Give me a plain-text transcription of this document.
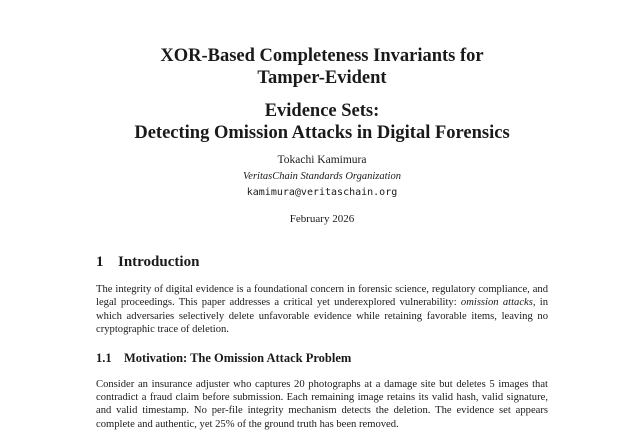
XOR-Based Completeness Invariants for
Tamper-Evident
Evidence Sets:
Detecting Omission Attacks in Digital Forensics
Tokachi Kamimura
VeritasChain Standards Organization
kamimura@veritaschain.org
February 2026
1 Introduction
The integrity of digital evidence is a foundational concern in forensic science, regulatory compliance, and legal proceedings. This paper addresses a critical yet underexplored vulnerability: omission attacks, in which adversaries selectively delete unfavorable evidence while retaining favorable items, leaving no cryptographic trace of deletion.
1.1 Motivation: The Omission Attack Problem
Consider an insurance adjuster who captures 20 photographs at a damage site but deletes 5 images that contradict a fraud claim before submission. Each remaining image retains its valid hash, valid signature, and valid timestamp. No per-file integrity mechanism detects the deletion. The evidence set appears complete and authentic, yet 25% of the ground truth has been removed.
